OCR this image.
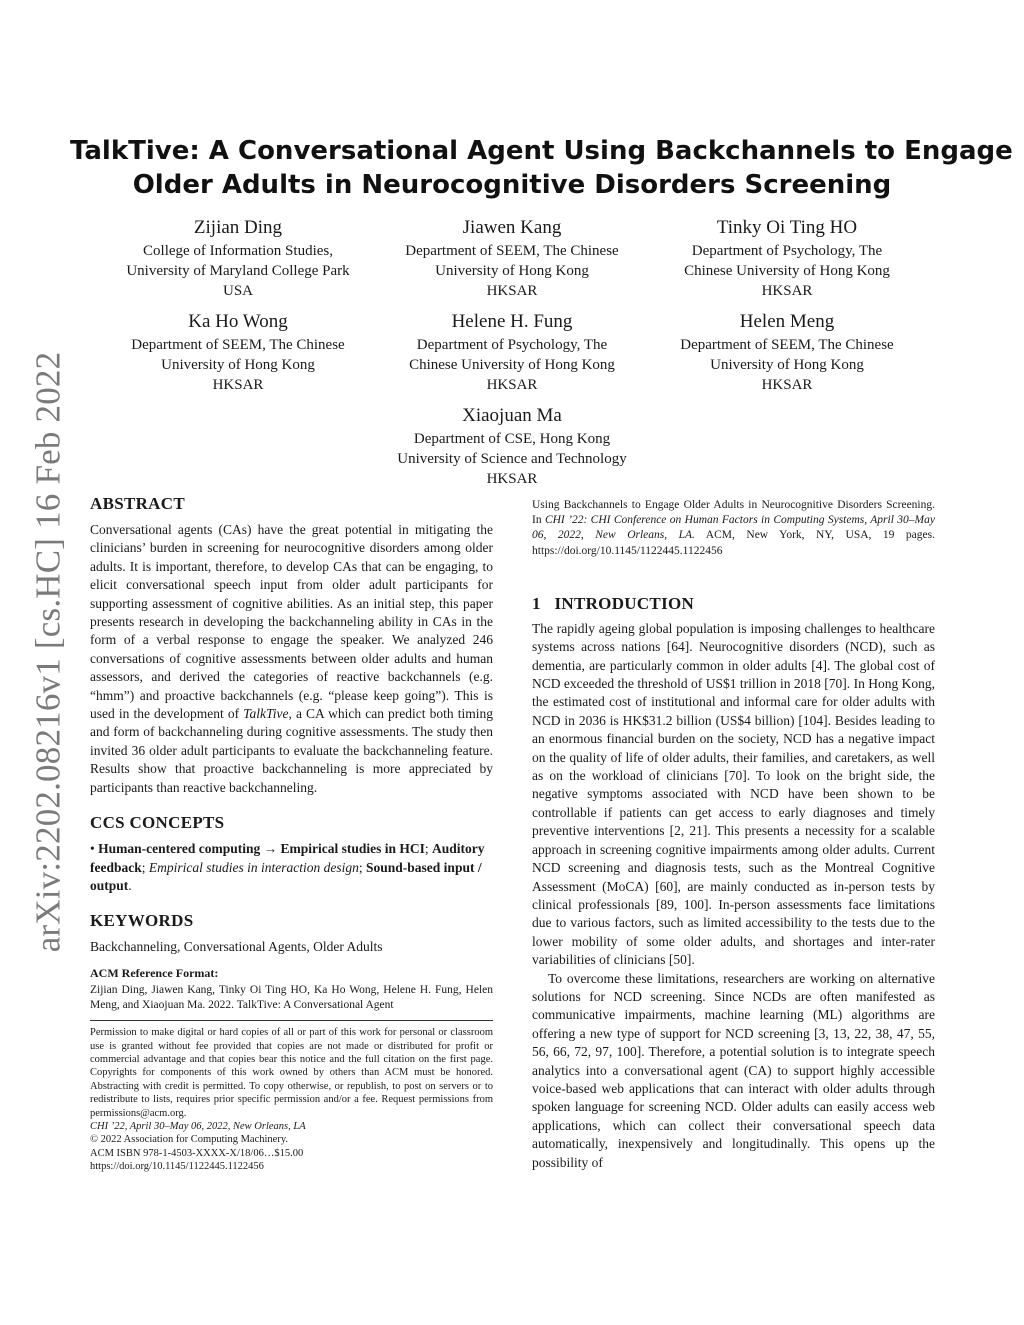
arXiv:2202.08216v1 [cs.HC] 16 Feb 2022
TalkTive: A Conversational Agent Using Backchannels to Engage
Older Adults in Neurocognitive Disorders Screening
Zijian Ding
College of Information Studies,
University of Maryland College Park
USA
Jiawen Kang
Department of SEEM, The Chinese
University of Hong Kong
HKSAR
Tinky Oi Ting HO
Department of Psychology, The
Chinese University of Hong Kong
HKSAR
Ka Ho Wong
Department of SEEM, The Chinese
University of Hong Kong
HKSAR
Helene H. Fung
Department of Psychology, The
Chinese University of Hong Kong
HKSAR
Helen Meng
Department of SEEM, The Chinese
University of Hong Kong
HKSAR
Xiaojuan Ma
Department of CSE, Hong Kong
University of Science and Technology
HKSAR
ABSTRACT
Conversational agents (CAs) have the great potential in mitigating the clinicians’ burden in screening for neurocognitive disorders among older adults. It is important, therefore, to develop CAs that can be engaging, to elicit conversational speech input from older adult participants for supporting assessment of cognitive abilities. As an initial step, this paper presents research in developing the backchanneling ability in CAs in the form of a verbal response to engage the speaker. We analyzed 246 conversations of cognitive assessments between older adults and human assessors, and derived the categories of reactive backchannels (e.g. “hmm”) and proactive backchannels (e.g. “please keep going”). This is used in the development of TalkTive, a CA which can predict both timing and form of backchanneling during cognitive assessments. The study then invited 36 older adult participants to evaluate the backchanneling feature. Results show that proactive backchanneling is more appreciated by participants than reactive backchanneling.
CCS CONCEPTS
• Human-centered computing → Empirical studies in HCI; Auditory feedback; Empirical studies in interaction design; Sound-based input / output.
KEYWORDS
Backchanneling, Conversational Agents, Older Adults
ACM Reference Format:
Zijian Ding, Jiawen Kang, Tinky Oi Ting HO, Ka Ho Wong, Helene H. Fung, Helen Meng, and Xiaojuan Ma. 2022. TalkTive: A Conversational Agent
Permission to make digital or hard copies of all or part of this work for personal or classroom use is granted without fee provided that copies are not made or distributed for profit or commercial advantage and that copies bear this notice and the full citation on the first page. Copyrights for components of this work owned by others than ACM must be honored. Abstracting with credit is permitted. To copy otherwise, or republish, to post on servers or to redistribute to lists, requires prior specific permission and/or a fee. Request permissions from permissions@acm.org.
CHI ’22, April 30–May 06, 2022, New Orleans, LA
© 2022 Association for Computing Machinery.
ACM ISBN 978-1-4503-XXXX-X/18/06…$15.00
https://doi.org/10.1145/1122445.1122456
Using Backchannels to Engage Older Adults in Neurocognitive Disorders Screening. In CHI ’22: CHI Conference on Human Factors in Computing Systems, April 30–May 06, 2022, New Orleans, LA. ACM, New York, NY, USA, 19 pages. https://doi.org/10.1145/1122445.1122456
1 INTRODUCTION

The rapidly ageing global population is imposing challenges to healthcare systems across nations [64]. Neurocognitive disorders (NCD), such as dementia, are particularly common in older adults [4]. The global cost of NCD exceeded the threshold of US$1 trillion in 2018 [70]. In Hong Kong, the estimated cost of institutional and informal care for older adults with NCD in 2036 is HK$31.2 billion (US$4 billion) [104]. Besides leading to an enormous financial burden on the society, NCD has a negative impact on the quality of life of older adults, their families, and caretakers, as well as on the workload of clinicians [70]. To look on the bright side, the negative symptoms associated with NCD have been shown to be controllable if patients can get access to early diagnoses and timely preventive interventions [2, 21]. This presents a necessity for a scalable approach in screening cognitive impairments among older adults. Current NCD screening and diagnosis tests, such as the Montreal Cognitive Assessment (MoCA) [60], are mainly conducted as in-person tests by clinical professionals [89, 100]. In-person assessments face limitations due to various factors, such as limited accessibility to the tests due to the lower mobility of some older adults, and shortages and inter-rater variabilities of clinicians [50].

To overcome these limitations, researchers are working on alternative solutions for NCD screening. Since NCDs are often manifested as communicative impairments, machine learning (ML) algorithms are offering a new type of support for NCD screening [3, 13, 22, 38, 47, 55, 56, 66, 72, 97, 100]. Therefore, a potential solution is to integrate speech analytics into a conversational agent (CA) to support highly accessible voice-based web applications that can interact with older adults through spoken language for screening NCD. Older adults can easily access web applications, which can collect their conversational speech data automatically, inexpensively and longitudinally. This opens up the possibility of
